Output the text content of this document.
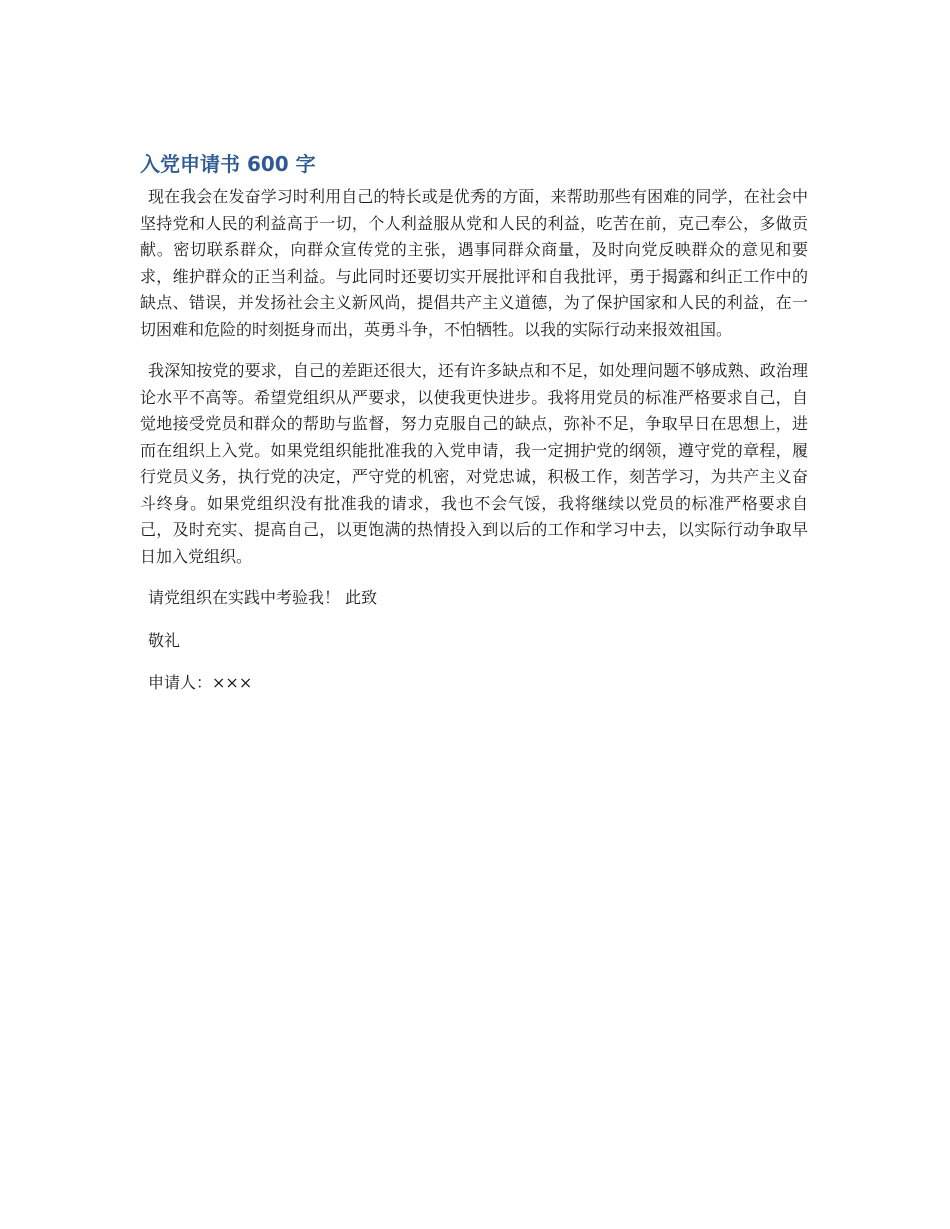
入党申请书 600 字

现在我会在发奋学习时利用自己的特长或是优秀的方面，来帮助那些有困难的同学，在社会中坚持党和人民的利益高于一切，个人利益服从党和人民的利益，吃苦在前，克己奉公，多做贡献。密切联系群众，向群众宣传党的主张，遇事同群众商量，及时向党反映群众的意见和要求，维护群众的正当利益。与此同时还要切实开展批评和自我批评，勇于揭露和纠正工作中的缺点、错误，并发扬社会主义新风尚，提倡共产主义道德，为了保护国家和人民的利益，在一切困难和危险的时刻挺身而出，英勇斗争，不怕牺牲。以我的实际行动来报效祖国。

我深知按党的要求，自己的差距还很大，还有许多缺点和不足，如处理问题不够成熟、政治理论水平不高等。希望党组织从严要求，以使我更快进步。我将用党员的标准严格要求自己，自觉地接受党员和群众的帮助与监督，努力克服自己的缺点，弥补不足，争取早日在思想上，进而在组织上入党。如果党组织能批准我的入党申请，我一定拥护党的纲领，遵守党的章程，履行党员义务，执行党的决定，严守党的机密，对党忠诚，积极工作，刻苦学习，为共产主义奋斗终身。如果党组织没有批准我的请求，我也不会气馁，我将继续以党员的标准严格要求自己，及时充实、提高自己，以更饱满的热情投入到以后的工作和学习中去，以实际行动争取早日加入党组织。

请党组织在实践中考验我！ 此致

敬礼

申请人：×××
